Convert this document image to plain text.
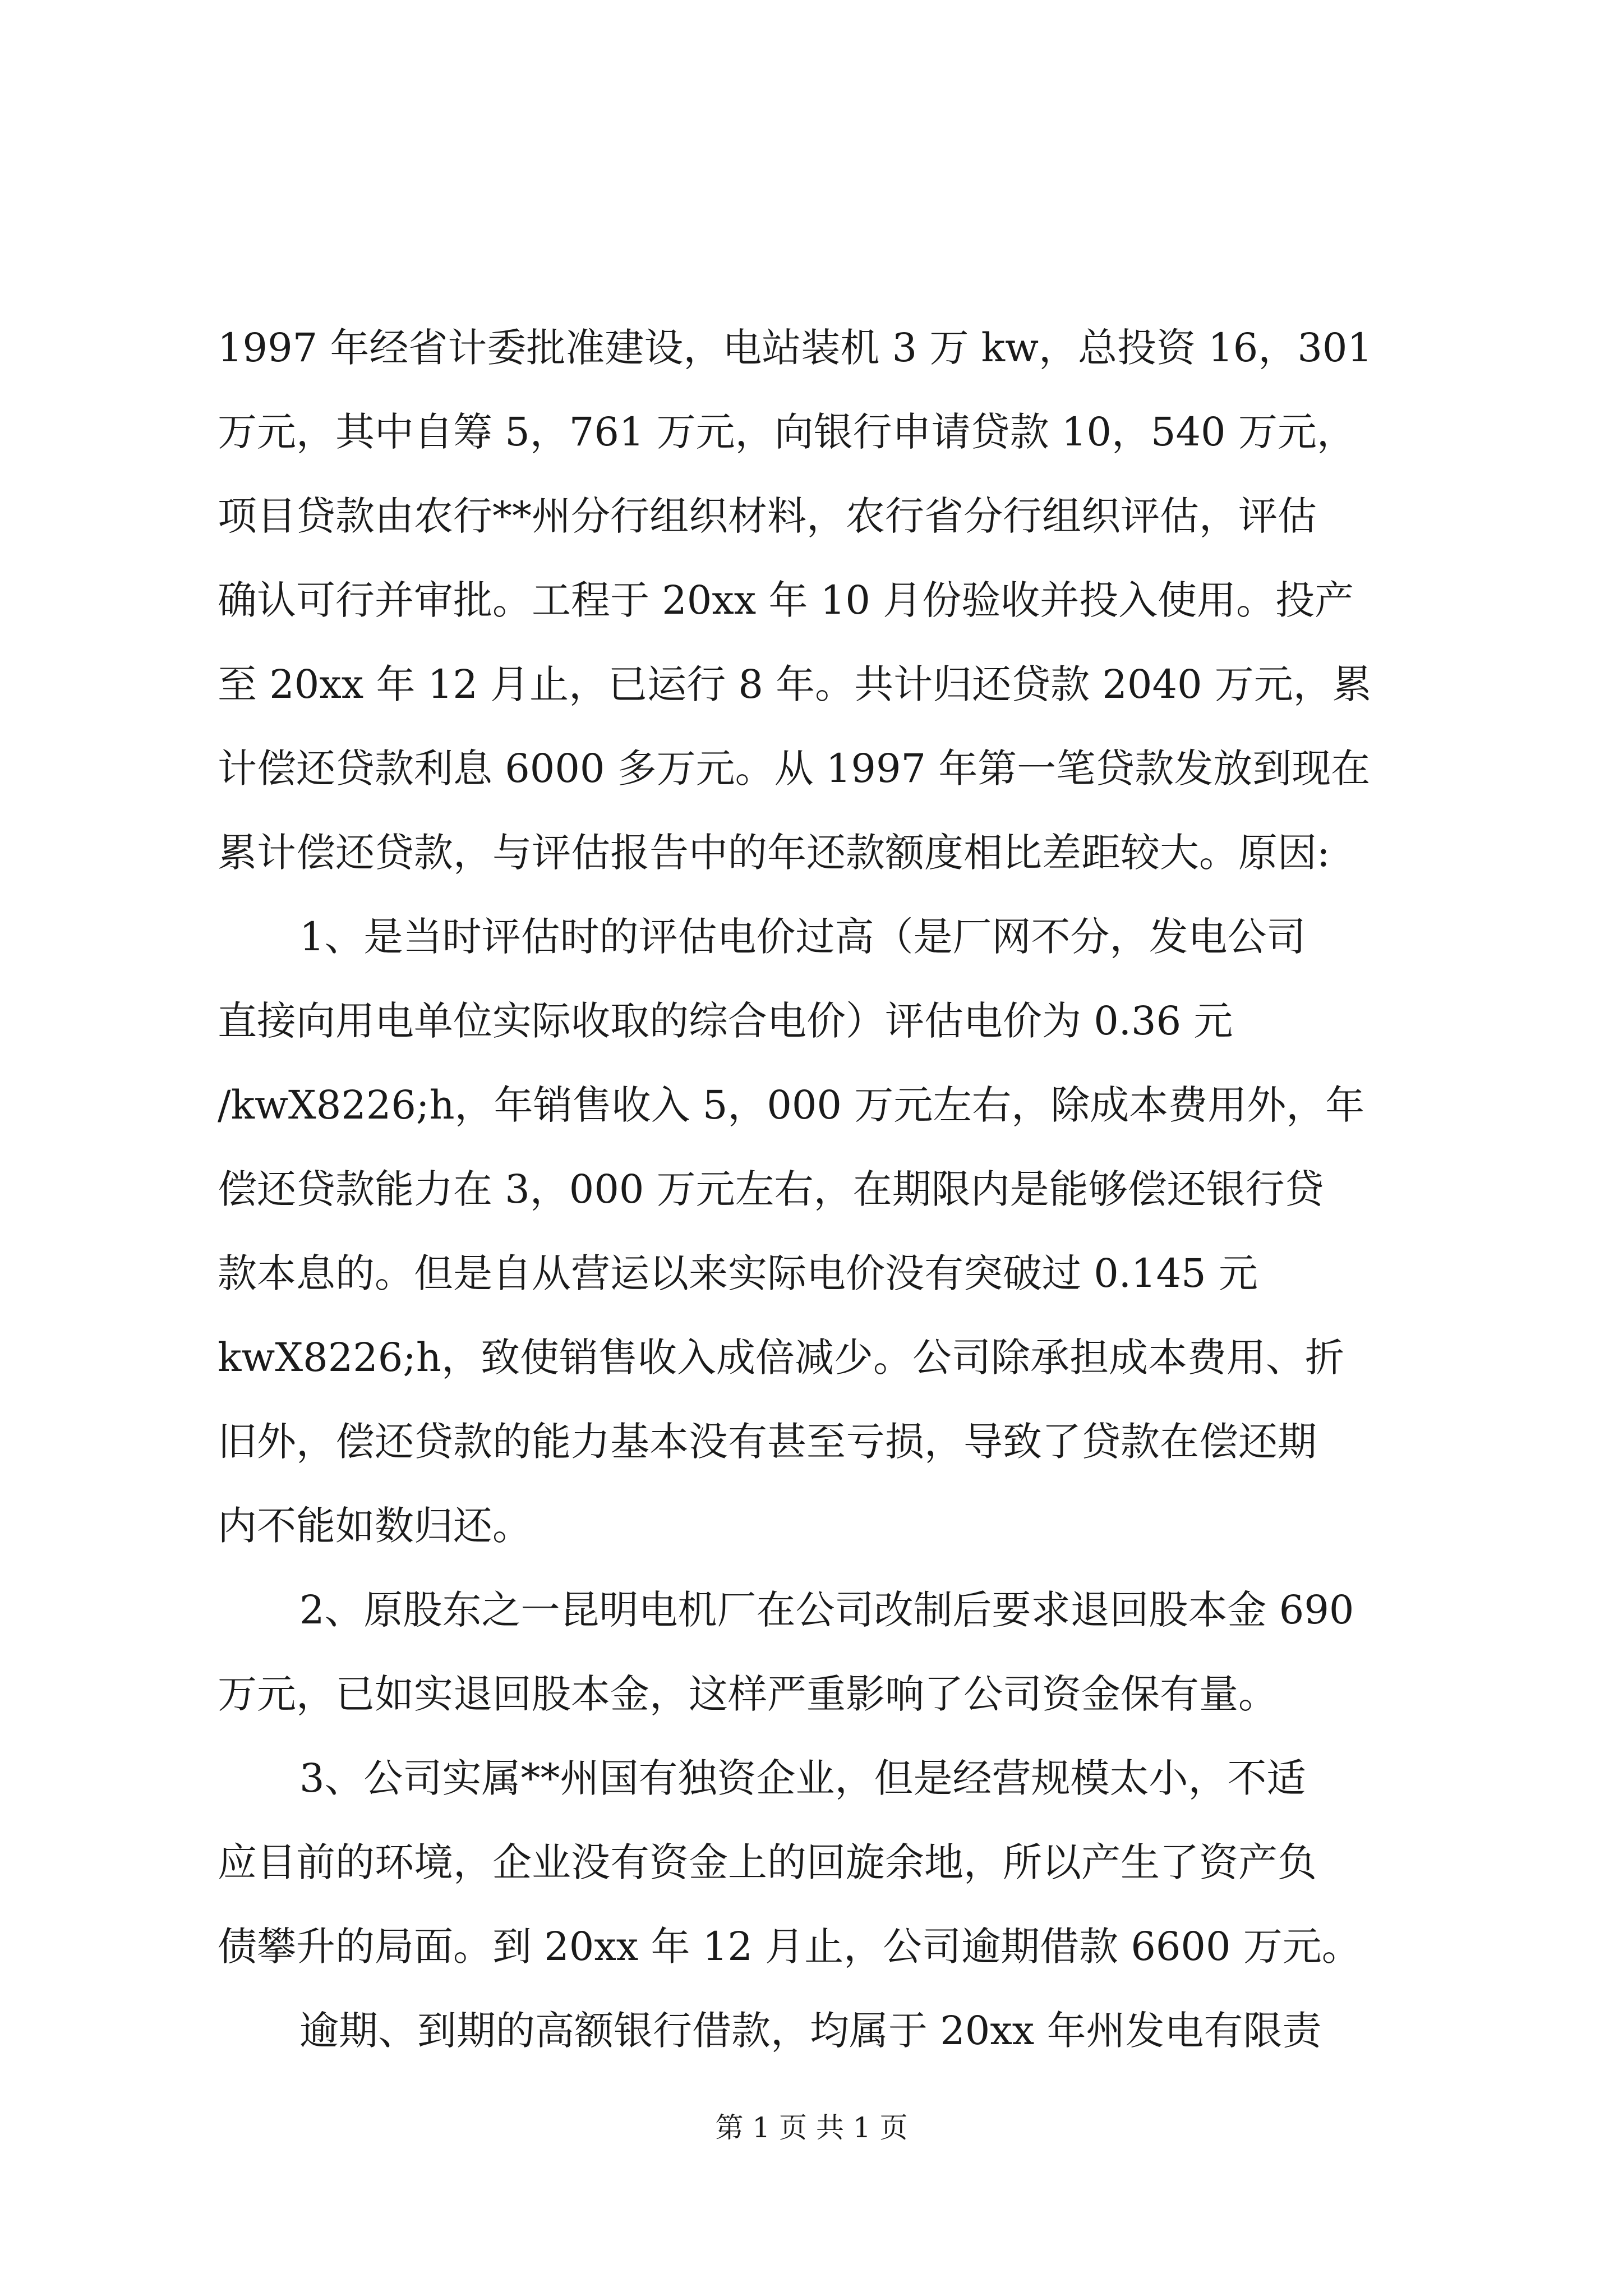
1997 年经省计委批准建设，电站装机 3 万 kw，总投资 16，301
万元，其中自筹 5，761 万元，向银行申请贷款 10，540 万元，
项目贷款由农行**州分行组织材料，农行省分行组织评估，评估
确认可行并审批。工程于 20xx 年 10 月份验收并投入使用。投产
至 20xx 年 12 月止，已运行 8 年。共计归还贷款 2040 万元，累
计偿还贷款利息 6000 多万元。从 1997 年第一笔贷款发放到现在
累计偿还贷款，与评估报告中的年还款额度相比差距较大。原因:
1、是当时评估时的评估电价过高（是厂网不分，发电公司
直接向用电单位实际收取的综合电价）评估电价为 0.36 元
/kwX8226;h，年销售收入 5，000 万元左右，除成本费用外，年
偿还贷款能力在 3，000 万元左右，在期限内是能够偿还银行贷
款本息的。但是自从营运以来实际电价没有突破过 0.145 元
kwX8226;h，致使销售收入成倍减少。公司除承担成本费用、折
旧外，偿还贷款的能力基本没有甚至亏损，导致了贷款在偿还期
内不能如数归还。
2、原股东之一昆明电机厂在公司改制后要求退回股本金 690
万元，已如实退回股本金，这样严重影响了公司资金保有量。
3、公司实属**州国有独资企业，但是经营规模太小，不适
应目前的环境，企业没有资金上的回旋余地，所以产生了资产负
债攀升的局面。到 20xx 年 12 月止，公司逾期借款 6600 万元。
逾期、到期的高额银行借款，均属于 20xx 年州发电有限责
第 1 页 共 1 页
